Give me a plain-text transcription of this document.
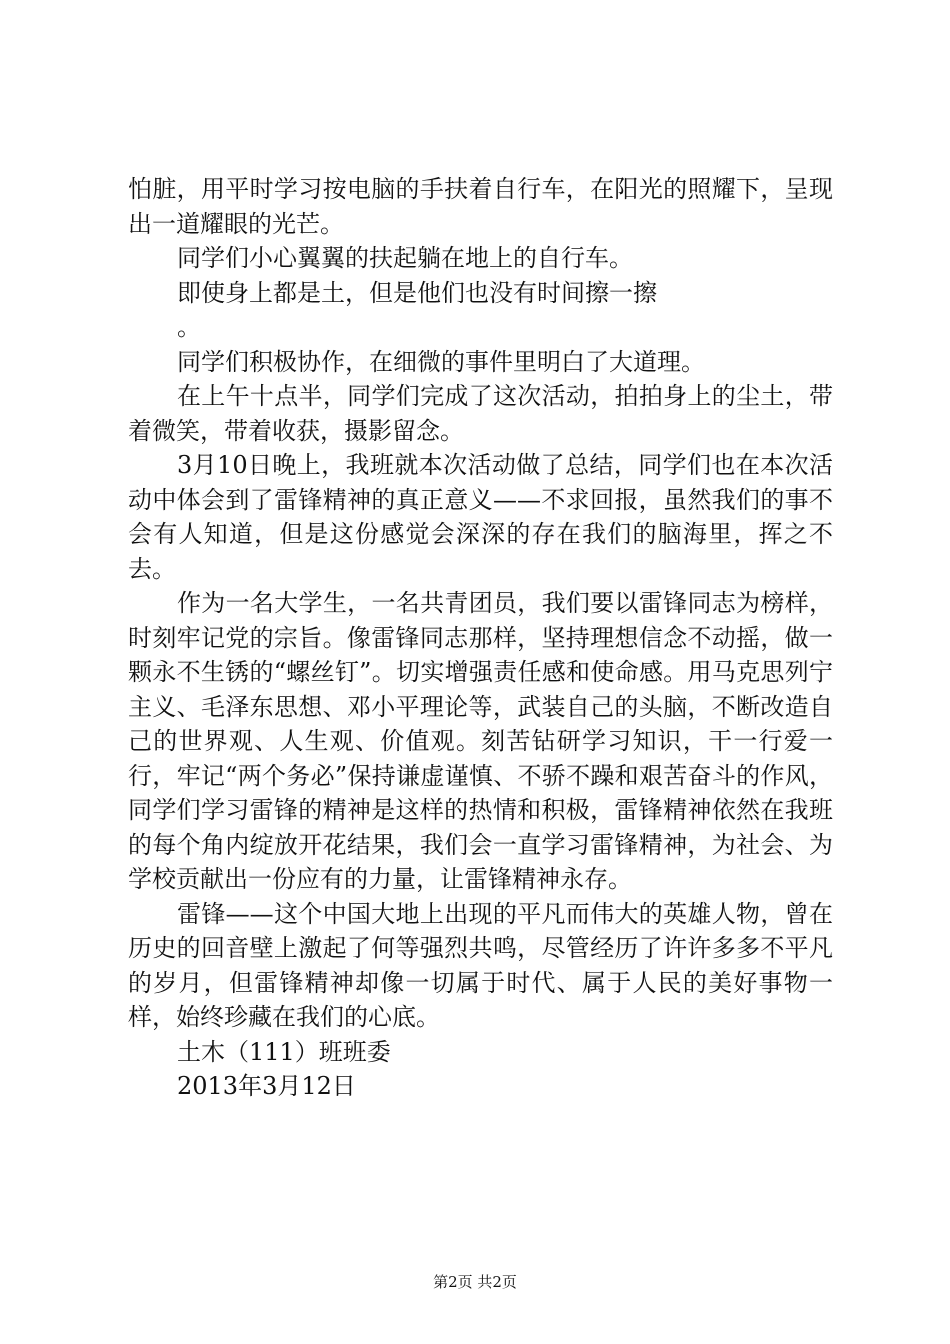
怕脏，用平时学习按电脑的手扶着自行车，在阳光的照耀下，呈现出一道耀眼的光芒。

同学们小心翼翼的扶起躺在地上的自行车。

即使身上都是土，但是他们也没有时间擦一擦

。

同学们积极协作，在细微的事件里明白了大道理。

在上午十点半，同学们完成了这次活动，拍拍身上的尘土，带着微笑，带着收获，摄影留念。

3月10日晚上，我班就本次活动做了总结，同学们也在本次活动中体会到了雷锋精神的真正意义——不求回报，虽然我们的事不会有人知道，但是这份感觉会深深的存在我们的脑海里，挥之不去。

作为一名大学生，一名共青团员，我们要以雷锋同志为榜样，时刻牢记党的宗旨。像雷锋同志那样，坚持理想信念不动摇，做一颗永不生锈的“螺丝钉”。切实增强责任感和使命感。用马克思列宁主义、毛泽东思想、邓小平理论等，武装自己的头脑，不断改造自己的世界观、人生观、价值观。刻苦钻研学习知识，干一行爱一行，牢记“两个务必”保持谦虚谨慎、不骄不躁和艰苦奋斗的作风，同学们学习雷锋的精神是这样的热情和积极，雷锋精神依然在我班的每个角内绽放开花结果，我们会一直学习雷锋精神，为社会、为学校贡献出一份应有的力量，让雷锋精神永存。

雷锋——这个中国大地上出现的平凡而伟大的英雄人物，曾在历史的回音壁上激起了何等强烈共鸣，尽管经历了许许多多不平凡的岁月，但雷锋精神却像一切属于时代、属于人民的美好事物一样，始终珍藏在我们的心底。

土木（111）班班委

2013年3月12日

第2页 共2页
